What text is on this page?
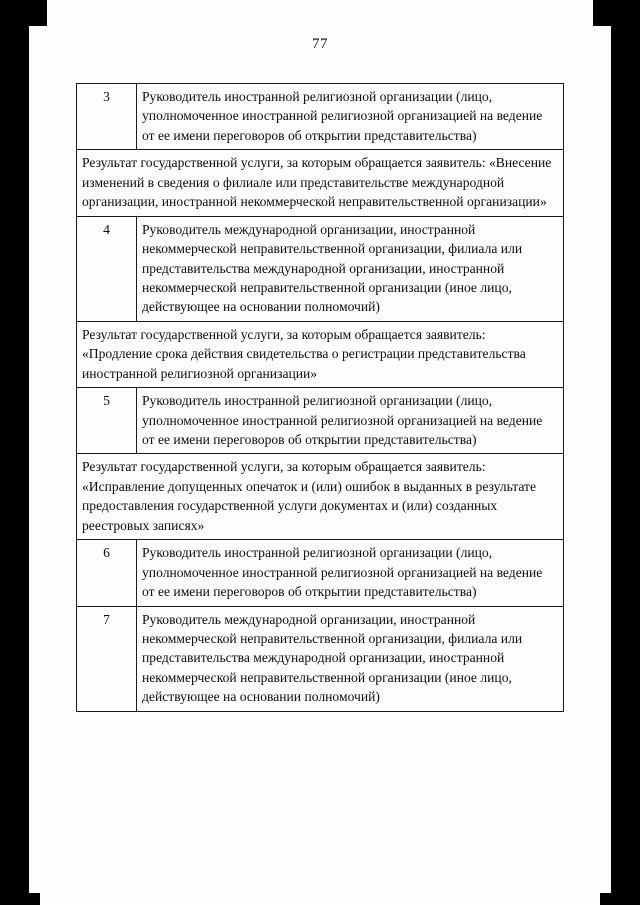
77
3	Руководитель иностранной религиозной организации (лицо, уполномоченное иностранной религиозной организацией на ведение от ее имени переговоров об открытии представительства)
Результат государственной услуги, за которым обращается заявитель: «Внесение изменений в сведения о филиале или представительстве международной организации, иностранной некоммерческой неправительственной организации»	
4	Руководитель международной организации, иностранной некоммерческой неправительственной организации, филиала или представительства международной организации, иностранной некоммерческой неправительственной организации (иное лицо, действующее на основании полномочий)
Результат государственной услуги, за которым обращается заявитель: «Продление срока действия свидетельства о регистрации представительства иностранной религиозной организации»	
5	Руководитель иностранной религиозной организации (лицо, уполномоченное иностранной религиозной организацией на ведение от ее имени переговоров об открытии представительства)
Результат государственной услуги, за которым обращается заявитель: «Исправление допущенных опечаток и (или) ошибок в выданных в результате предоставления государственной услуги документах и (или) созданных реестровых записях»	
6	Руководитель иностранной религиозной организации (лицо, уполномоченное иностранной религиозной организацией на ведение от ее имени переговоров об открытии представительства)
7	Руководитель международной организации, иностранной некоммерческой неправительственной организации, филиала или представительства международной организации, иностранной некоммерческой неправительственной организации (иное лицо, действующее на основании полномочий)
